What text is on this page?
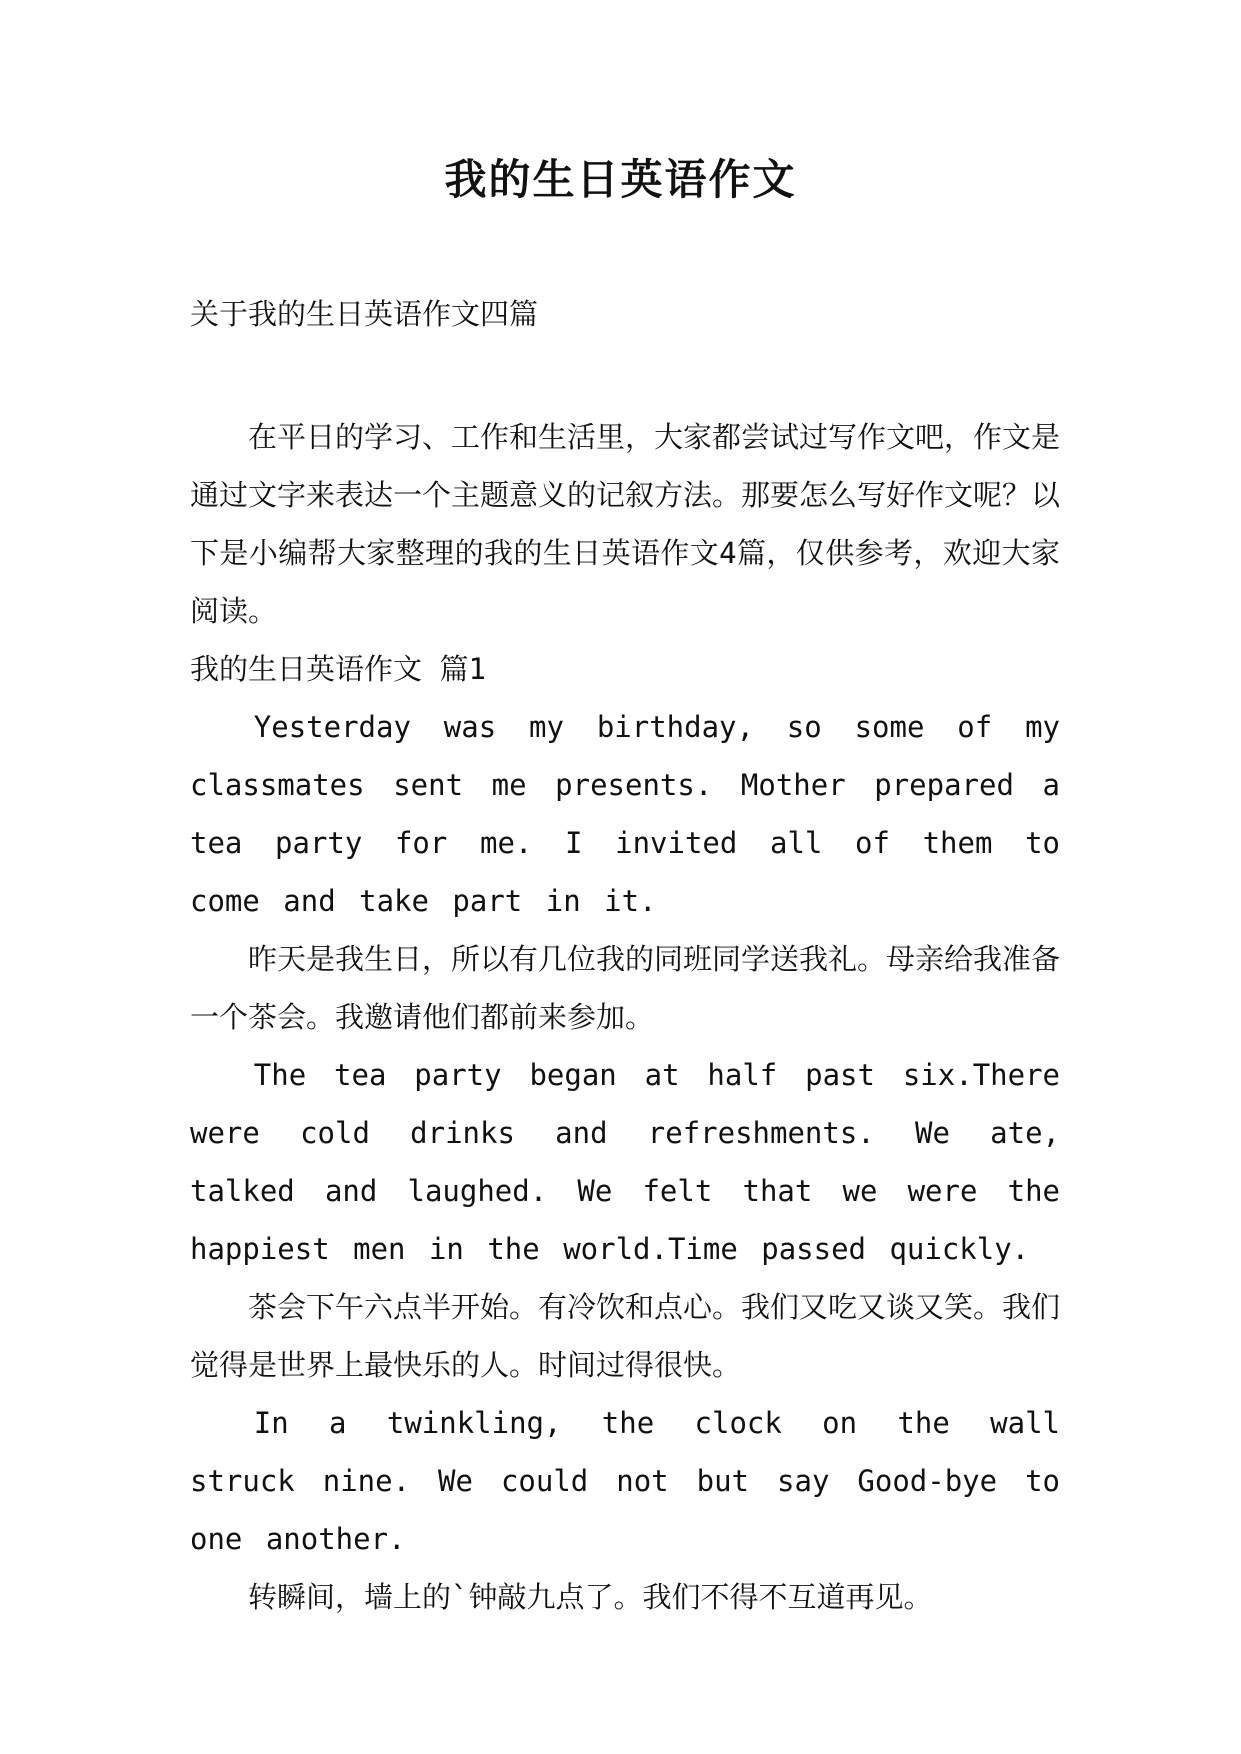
我的生日英语作文
关于我的生日英语作文四篇

在平日的学习、工作和生活里，大家都尝试过写作文吧，作文是通过文字来表达一个主题意义的记叙方法。那要怎么写好作文呢？以下是小编帮大家整理的我的生日英语作文4篇，仅供参考，欢迎大家阅读。

我的生日英语作文 篇1

Yesterday was my birthday, so some of my classmates sent me presents. Mother prepared a tea party for me. I invited all of them to come and take part in it.

昨天是我生日，所以有几位我的同班同学送我礼。母亲给我准备一个茶会。我邀请他们都前来参加。

The tea party began at half past six.There were cold drinks and refreshments. We ate, talked and laughed. We felt that we were the happiest men in the world.Time passed quickly.

茶会下午六点半开始。有冷饮和点心。我们又吃又谈又笑。我们觉得是世界上最快乐的人。时间过得很快。

In a twinkling, the clock on the wall struck nine. We could not but say Good-bye to one another.

转瞬间，墙上的`钟敲九点了。我们不得不互道再见。
